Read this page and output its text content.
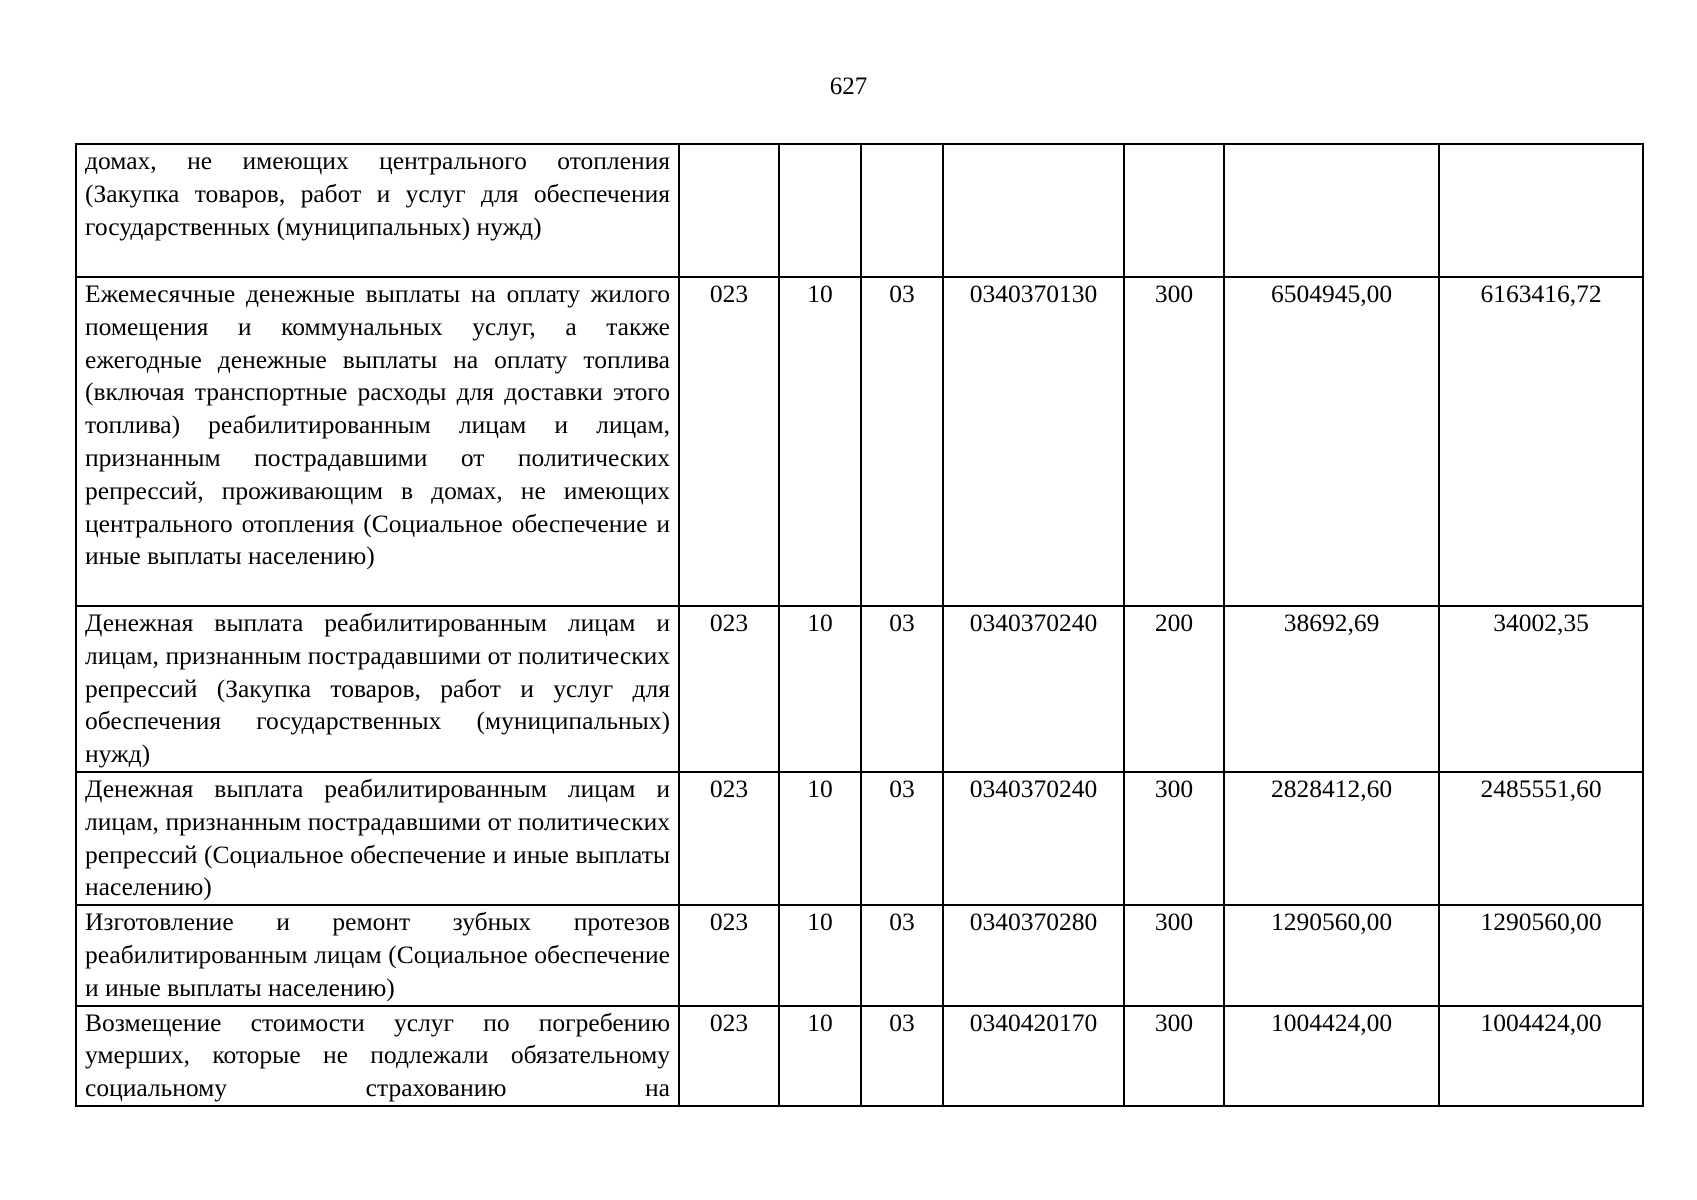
627
домах, не имеющих центрального отопления (Закупка товаров, работ и услуг для обеспечения государственных (муниципальных) нужд)							
Ежемесячные денежные выплаты на оплату жилого помещения и коммунальных услуг, а также ежегодные денежные выплаты на оплату топлива (включая транспортные расходы для доставки этого топлива) реабилитированным лицам и лицам, признанным пострадавшими от политических репрессий, проживающим в домах, не имеющих центрального отопления (Социальное обеспечение и иные выплаты населению)	023	10	03	0340370130	300	6504945,00	6163416,72
Денежная выплата реабилитированным лицам и лицам, признанным пострадавшими от политических репрессий (Закупка товаров, работ и услуг для обеспечения государственных (муниципальных) нужд)	023	10	03	0340370240	200	38692,69	34002,35
Денежная выплата реабилитированным лицам и лицам, признанным пострадавшими от политических репрессий (Социальное обеспечение и иные выплаты населению)	023	10	03	0340370240	300	2828412,60	2485551,60
Изготовление и ремонт зубных протезов реабилитированным лицам (Социальное обеспечение и иные выплаты населению)	023	10	03	0340370280	300	1290560,00	1290560,00
Возмещение стоимости услуг по погребению умерших, которые не подлежали обязательному социальному страхованию на	023	10	03	0340420170	300	1004424,00	1004424,00
